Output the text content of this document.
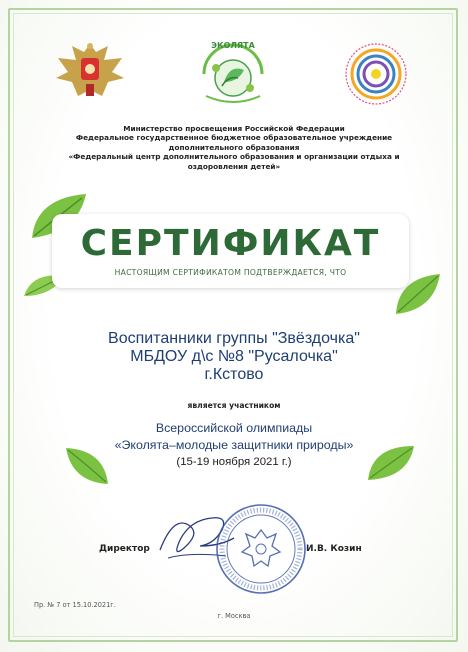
ЭКОЛЯТА
Министерство просвещения Российской Федерации
Федеральное государственное бюджетное образовательное учреждение
дополнительного образования
«Федеральный центр дополнительного образования и организации отдыха и
оздоровления детей»
СЕРТИФИКАТ
НАСТОЯЩИМ СЕРТИФИКАТОМ ПОДТВЕРЖДАЕТСЯ, ЧТО
Воспитанники группы "Звёздочка"
МБДОУ д\с №8 "Русалочка"
г.Кстово
является участником
Всероссийской олимпиады
«Эколята–молодые защитники природы»
(15-19 ноября 2021 г.)
Директор	И.В. Козин
Пр. № 7 от 15.10.2021г.
г. Москва
